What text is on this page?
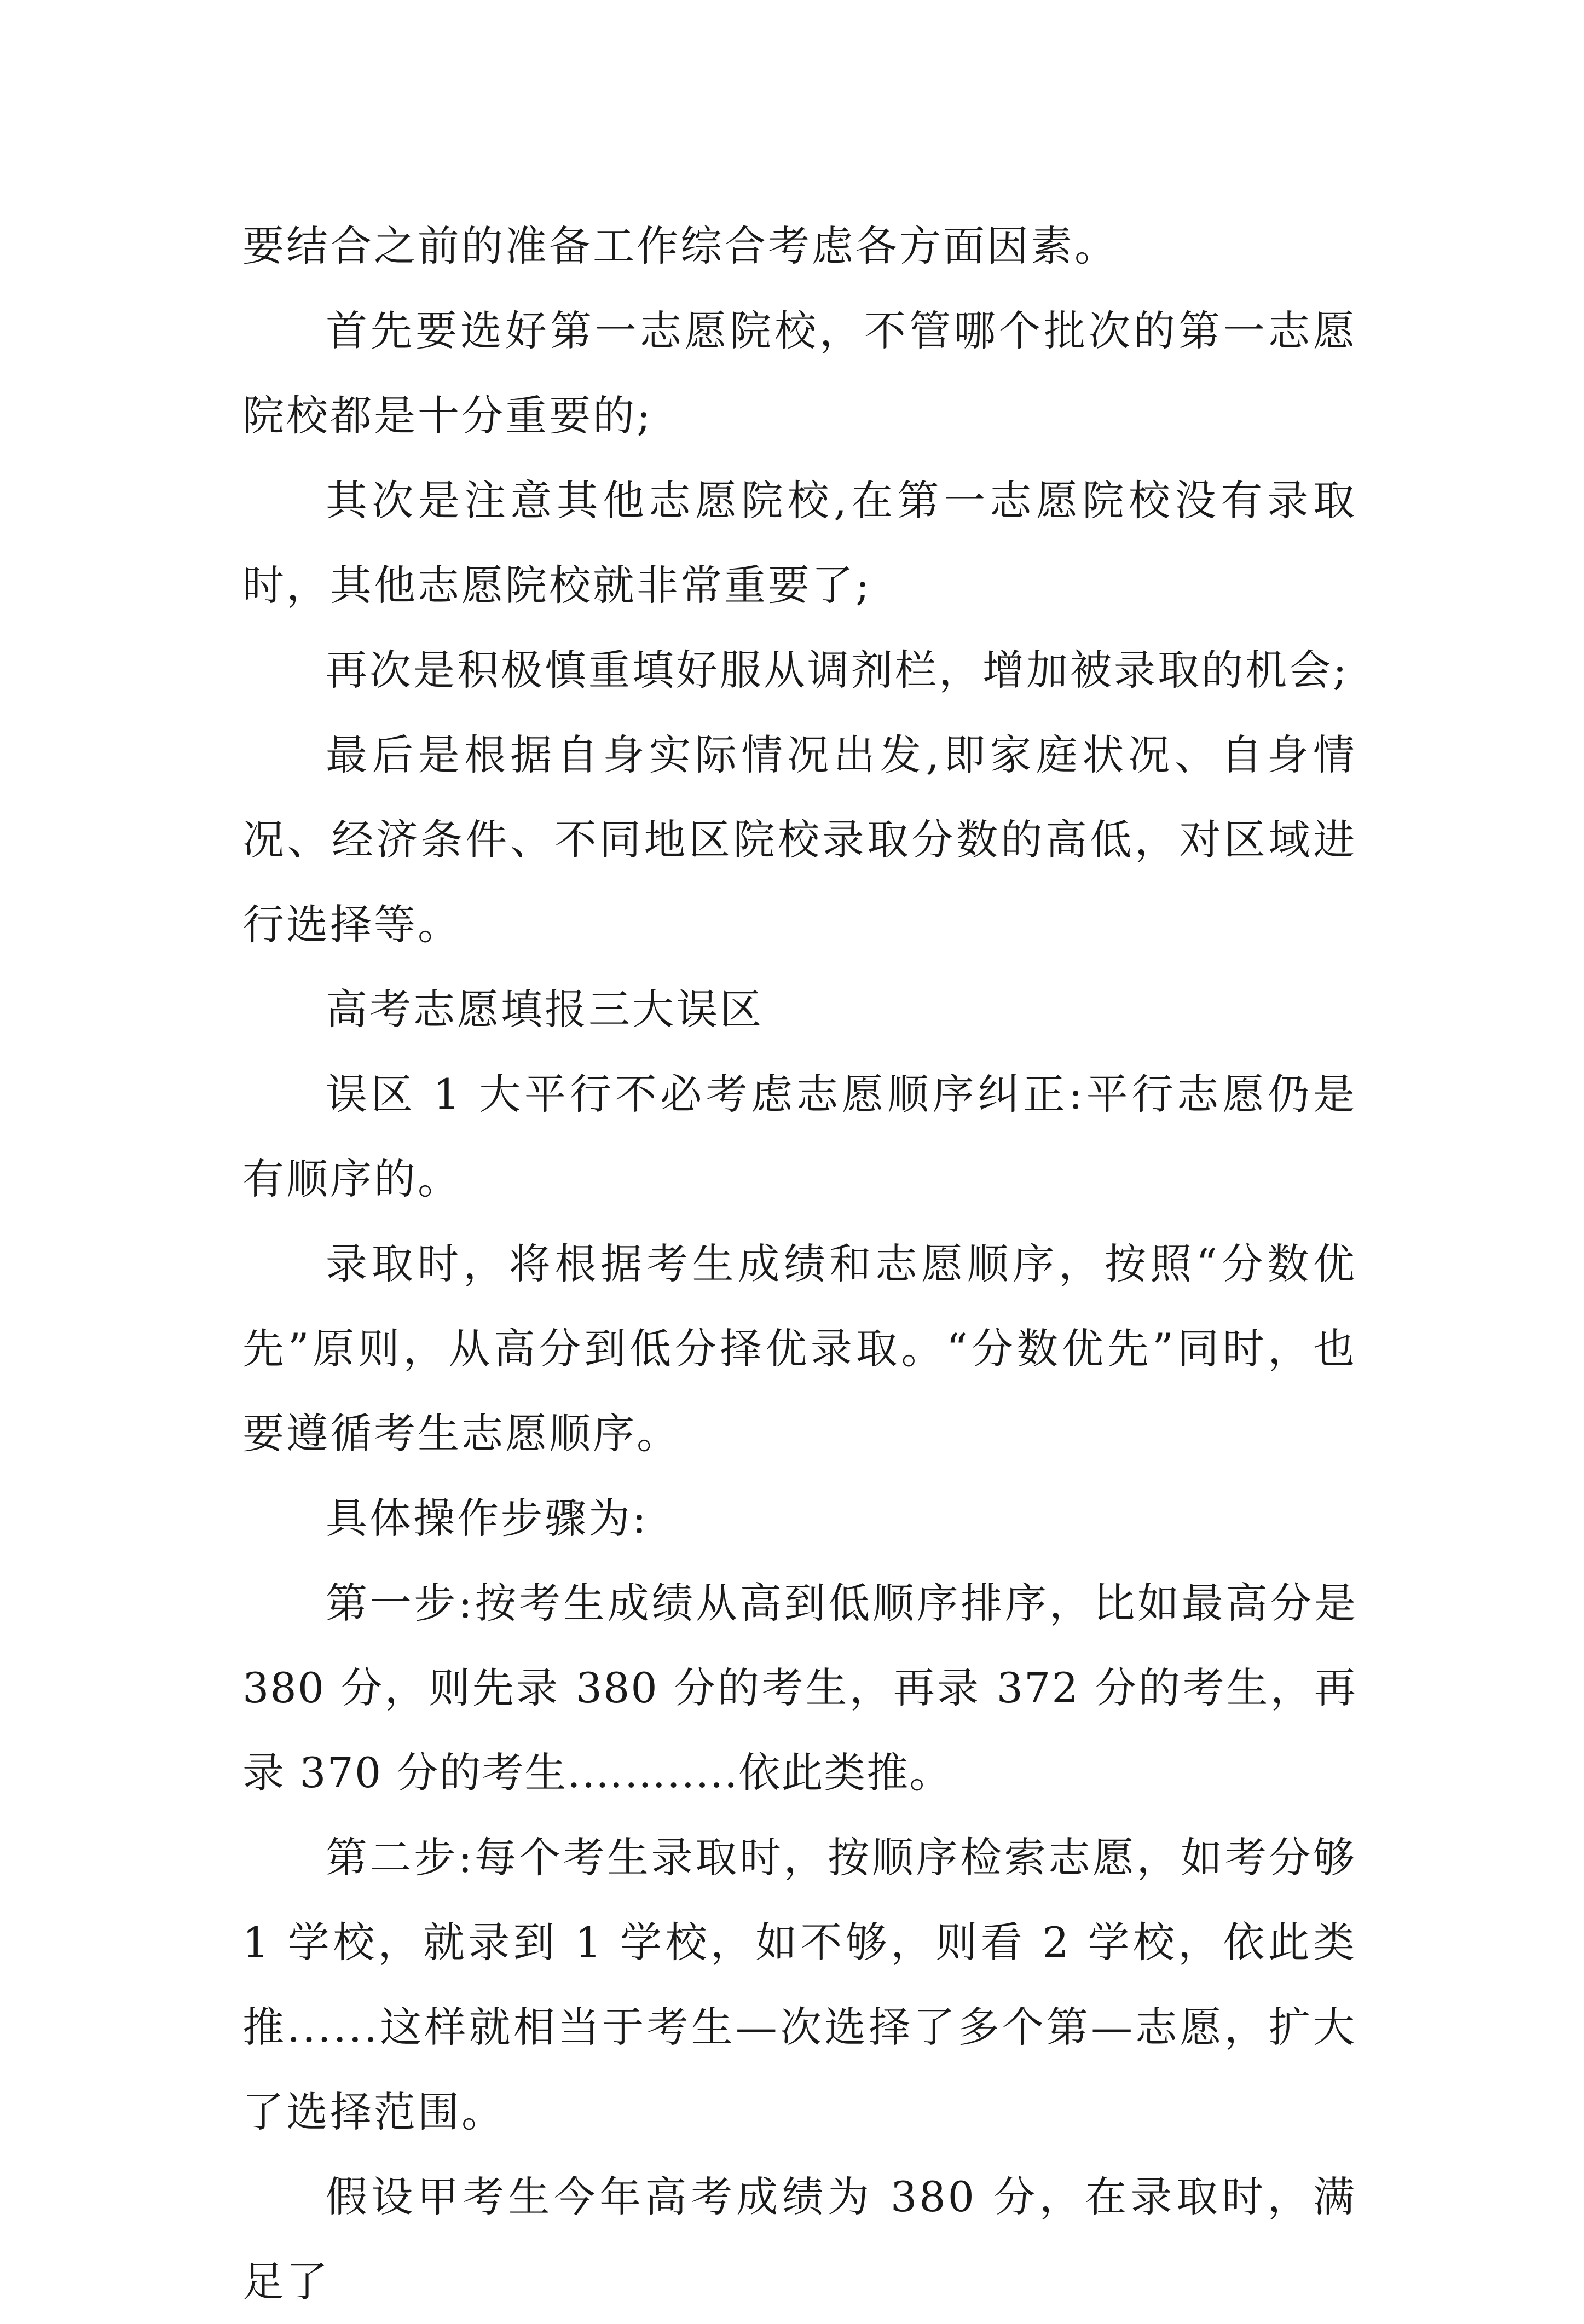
要结合之前的准备工作综合考虑各方面因素。

首先要选好第一志愿院校，不管哪个批次的第一志愿院校都是十分重要的;

其次是注意其他志愿院校,在第一志愿院校没有录取时，其他志愿院校就非常重要了;

再次是积极慎重填好服从调剂栏，增加被录取的机会;

最后是根据自身实际情况出发,即家庭状况、自身情况、经济条件、不同地区院校录取分数的高低，对区域进行选择等。

高考志愿填报三大误区

误区 1 大平行不必考虑志愿顺序纠正:平行志愿仍是有顺序的。

录取时，将根据考生成绩和志愿顺序，按照“分数优先”原则，从高分到低分择优录取。“分数优先”同时，也要遵循考生志愿顺序。

具体操作步骤为:

第一步:按考生成绩从高到低顺序排序，比如最高分是 380 分，则先录 380 分的考生，再录 372 分的考生，再录 370 分的考生.…….....依此类推。

第二步:每个考生录取时，按顺序检索志愿，如考分够 1 学校，就录到 1 学校，如不够，则看 2 学校，依此类推......这样就相当于考生—次选择了多个第—志愿，扩大了选择范围。

假设甲考生今年高考成绩为 380 分，在录取时，满足了
